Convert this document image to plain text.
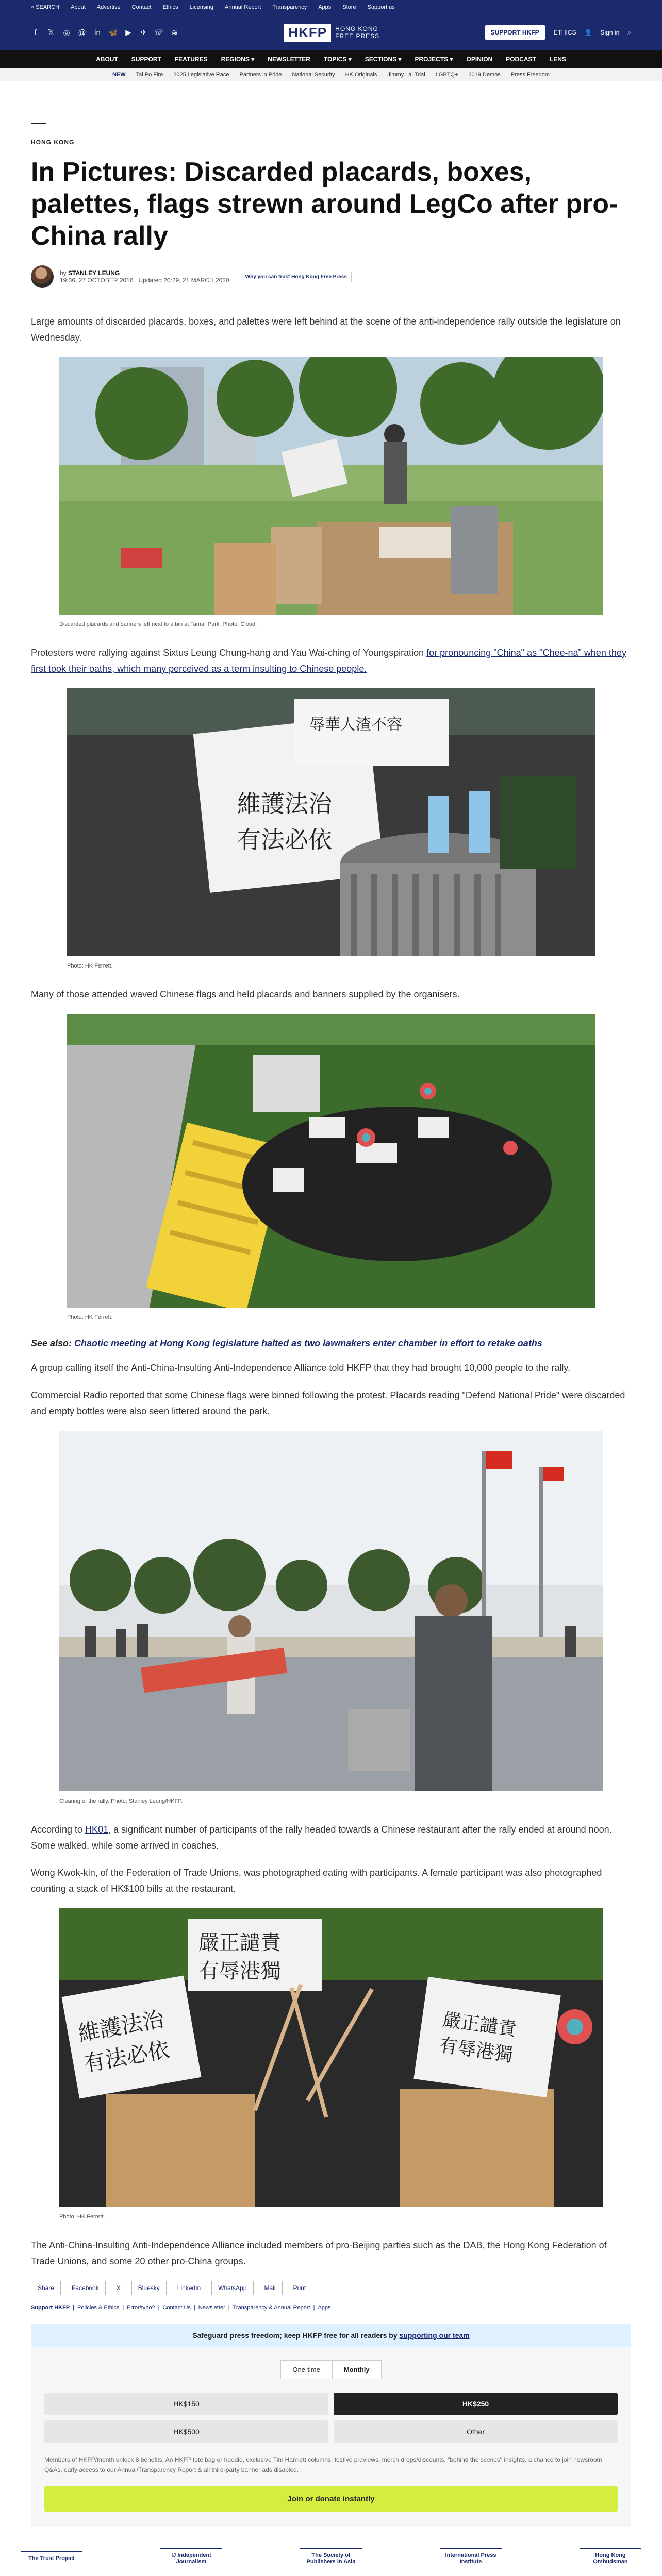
⌕ SEARCH About Advertise Contact Ethics Licensing Annual Report Transparency Apps Store Support us
f	𝕏 ◎ @ in 🦋 ▶ ✈ ☏ ≋	HKFP	HONG KONG
FREE PRESS	SUPPORT HKFP	ETHICS 👤 Sign in ⌕
ABOUT SUPPORT FEATURES REGIONS ▾ NEWSLETTER TOPICS ▾ SECTIONS ▾ PROJECTS ▾ OPINION PODCAST LENS
NEW Tai Po Fire 2025 Legislative Race Partners in Pride National Security HK Originals Jimmy Lai Trial LGBTQ+ 2019 Demos Press Freedom
HONG KONG
In Pictures: Discarded placards, boxes, palettes, flags strewn around LegCo after pro-China rally
by STANLEY LEUNG
19:36, 27 OCTOBER 2016 Updated 20:29, 21 MARCH 2020	Why you can trust Hong Kong Free Press

Large amounts of discarded placards, boxes, and palettes were left behind at the scene of the anti-independence rally outside the legislature on Wednesday.

Discarded placards and banners left next to a bin at Tamar Park. Photo: Cloud.

Protesters were rallying against Sixtus Leung Chung-hang and Yau Wai-ching of Youngspiration for pronouncing "China" as "Chee-na" when they first took their oaths, which many perceived as a term insulting to Chinese people.

維護法治
有法必依
辱華人渣不容
Photo: HK Ferrett.

Many of those attended waved Chinese flags and held placards and banners supplied by the organisers.

Photo: HK Ferrett.
See also: Chaotic meeting at Hong Kong legislature halted as two lawmakers enter chamber in effort to retake oaths

A group calling itself the Anti-China-Insulting Anti-Independence Alliance told HKFP that they had brought 10,000 people to the rally.

Commercial Radio reported that some Chinese flags were binned following the protest. Placards reading "Defend National Pride" were discarded and empty bottles were also seen littered around the park.

Clearing of the rally. Photo: Stanley Leung/HKFP.

According to HK01, a significant number of participants of the rally headed towards a Chinese restaurant after the rally ended at around noon. Some walked, while some arrived in coaches.

Wong Kwok-kin, of the Federation of Trade Unions, was photographed eating with participants. A female participant was also photographed counting a stack of HK$100 bills at the restaurant.

嚴正譴責
有辱港獨
維護法治
有法必依
嚴正譴責
有辱港獨
Photo: HK Ferrett.

The Anti-China-Insulting Anti-Independence Alliance included members of pro-Beijing parties such as the DAB, the Hong Kong Federation of Trade Unions, and some 20 other pro-China groups.

Share	Facebook	X	Bluesky	LinkedIn	WhatsApp	Mail	Print
Support HKFP | Policies & Ethics | Error/typo? | Contact Us | Newsletter | Transparency & Annual Report | Apps
Safeguard press freedom; keep HKFP free for all readers by supporting our team
One-time	Monthly
HK$150	HK$250
HK$500	Other
Members of HKFP/month unlock 8 benefits: An HKFP tote bag or hoodie, exclusive Tim Hamlett columns, festive previews, merch drops/discounts, "behind the scenes" insights, a chance to join newsroom Q&As, early access to our Annual/Transparency Report & all third-party banner ads disabled.
Join or donate instantly
The Trust Project	IJ Independent Journalism
The Society of Publishers in Asia
International Press Institute
Hong Kong Ombudsman
